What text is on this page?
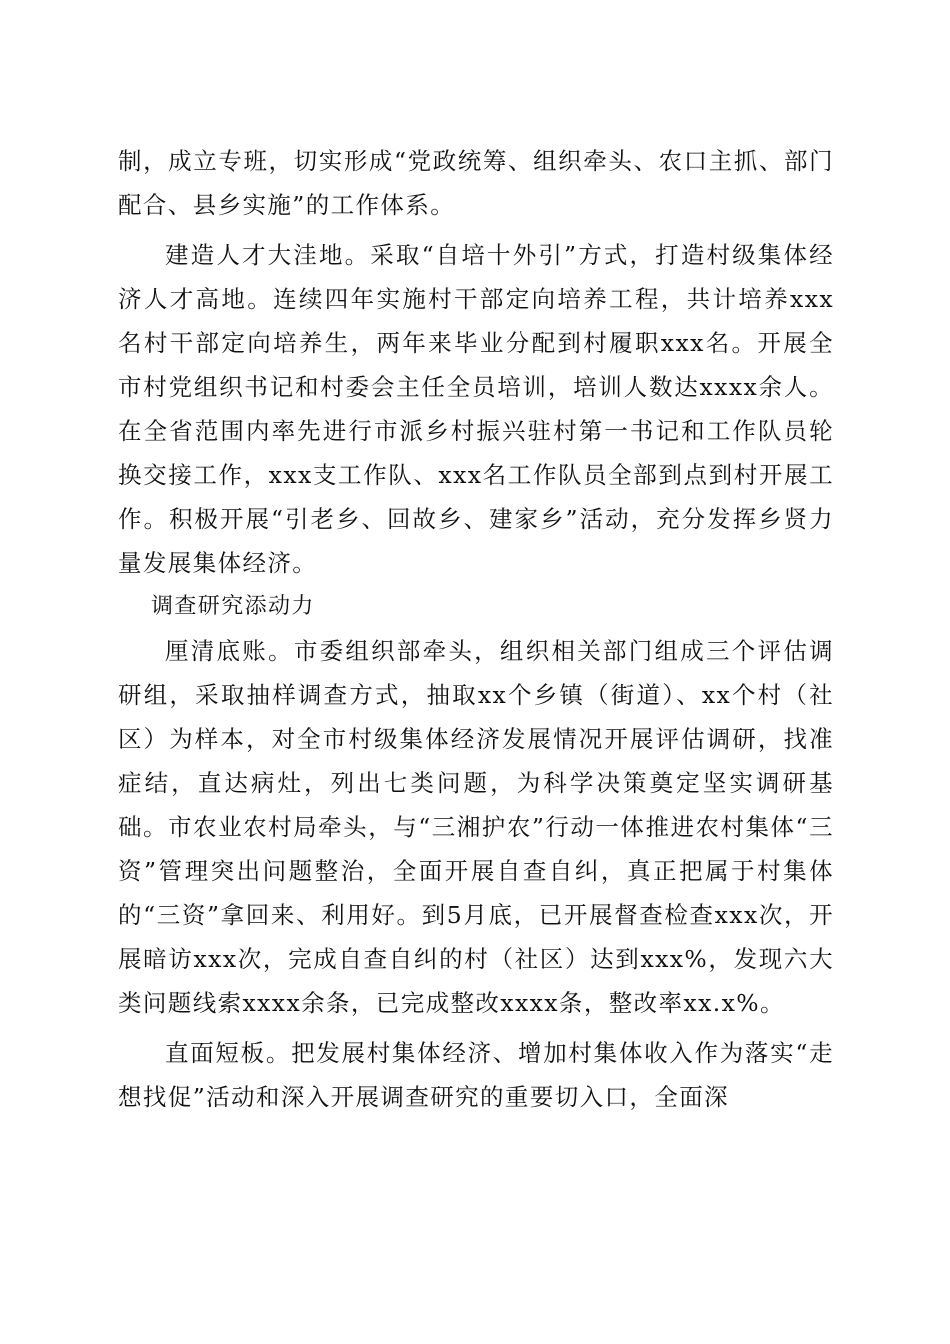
制，成立专班，切实形成“党政统筹、组织牵头、农口主抓、部门配合、县乡实施”的工作体系。

建造人才大洼地。采取“自培十外引”方式，打造村级集体经济人才高地。连续四年实施村干部定向培养工程，共计培养xxx名村干部定向培养生，两年来毕业分配到村履职xxx名。开展全市村党组织书记和村委会主任全员培训，培训人数达xxxx余人。在全省范围内率先进行市派乡村振兴驻村第一书记和工作队员轮换交接工作，xxx支工作队、xxx名工作队员全部到点到村开展工作。积极开展“引老乡、回故乡、建家乡”活动，充分发挥乡贤力量发展集体经济。

调查研究添动力

厘清底账。市委组织部牵头，组织相关部门组成三个评估调研组，采取抽样调查方式，抽取xx个乡镇（街道）、xx个村（社区）为样本，对全市村级集体经济发展情况开展评估调研，找准症结，直达病灶，列出七类问题，为科学决策奠定坚实调研基础。市农业农村局牵头，与“三湘护农”行动一体推进农村集体“三资”管理突出问题整治，全面开展自查自纠，真正把属于村集体的“三资”拿回来、利用好。到5月底，已开展督查检查xxx次，开展暗访xxx次，完成自查自纠的村（社区）达到xxx%，发现六大类问题线索xxxx余条，已完成整改xxxx条，整改率xx.x%。

直面短板。把发展村集体经济、增加村集体收入作为落实“走想找促”活动和深入开展调查研究的重要切入口，全面深
